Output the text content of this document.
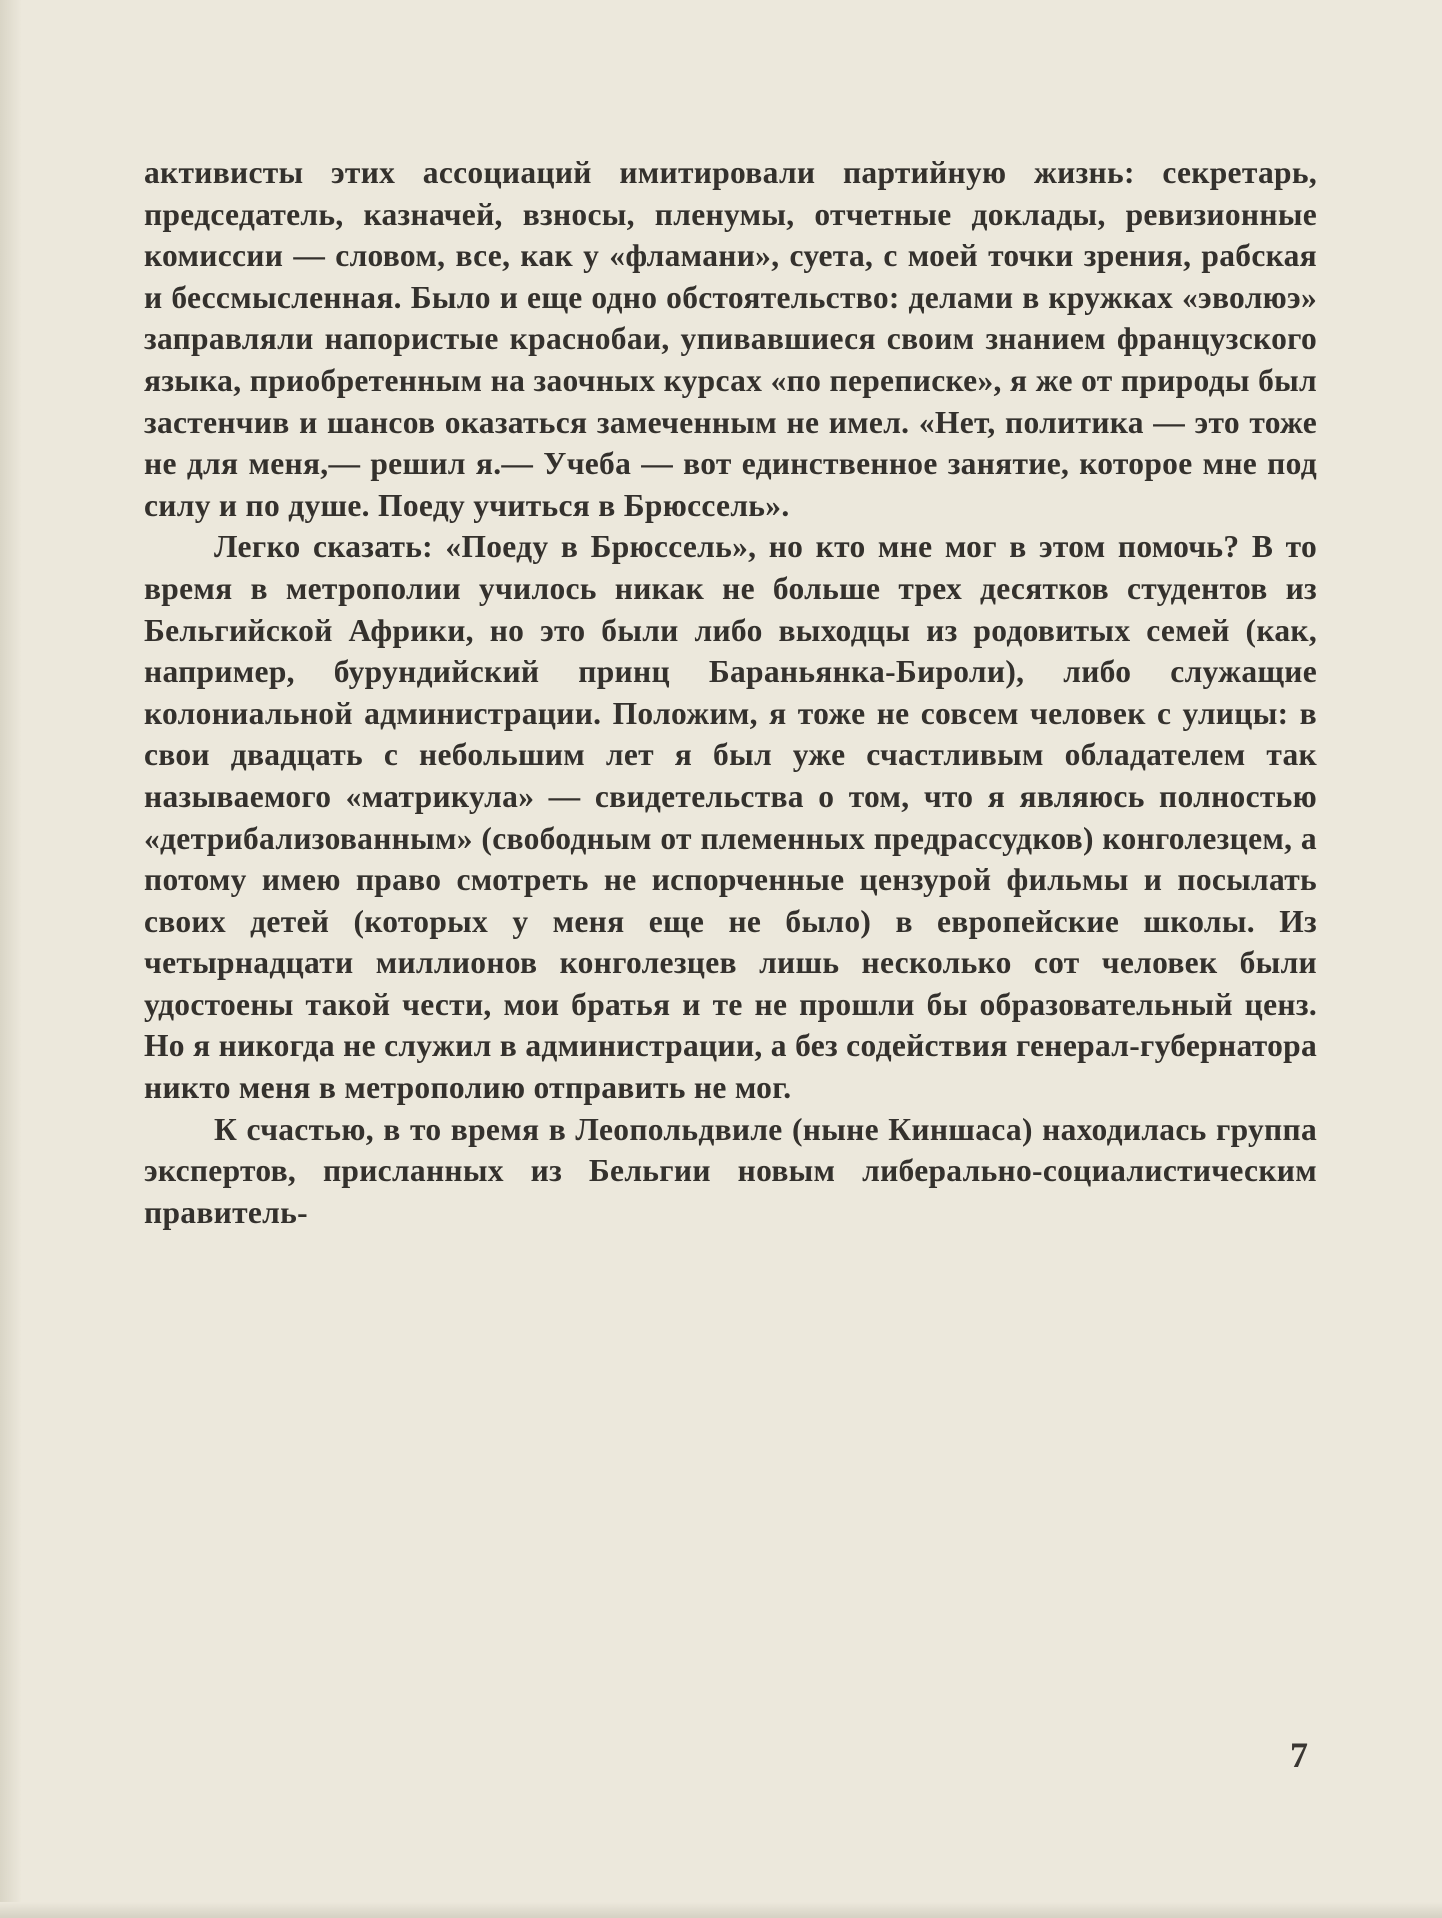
активисты этих ассоциаций имитировали партийную жизнь: секретарь, председатель, казначей, взносы, пленумы, отчетные доклады, ревизионные комиссии — словом, все, как у «фламани», суета, с моей точки зрения, рабская и бессмысленная. Было и еще одно обстоятельство: делами в кружках «эволюэ» заправляли напористые краснобаи, упивавшиеся своим знанием французского языка, приобретенным на заочных курсах «по переписке», я же от природы был застенчив и шансов оказаться замеченным не имел. «Нет, политика — это тоже не для меня,— решил я.— Учеба — вот единственное занятие, которое мне под силу и по душе. Поеду учиться в Брюссель».

Легко сказать: «Поеду в Брюссель», но кто мне мог в этом помочь? В то время в метрополии училось никак не больше трех десятков студентов из Бельгийской Африки, но это были либо выходцы из родовитых семей (как, например, бурундийский принц Бараньянка-Бироли), либо служащие колониальной администрации. Положим, я тоже не совсем человек с улицы: в свои двадцать с небольшим лет я был уже счастливым обладателем так называемого «матрикула» — свидетельства о том, что я являюсь полностью «детрибализованным» (свободным от племенных предрассудков) конголезцем, а потому имею право смотреть не испорченные цензурой фильмы и посылать своих детей (которых у меня еще не было) в европейские школы. Из четырнадцати миллионов конголезцев лишь несколько сот человек были удостоены такой чести, мои братья и те не прошли бы образовательный ценз. Но я никогда не служил в администрации, а без содействия генерал-губернатора никто меня в метрополию отправить не мог.

К счастью, в то время в Леопольдвиле (ныне Киншаса) находилась группа экспертов, присланных из Бельгии новым либерально-социалистическим правитель-

7
